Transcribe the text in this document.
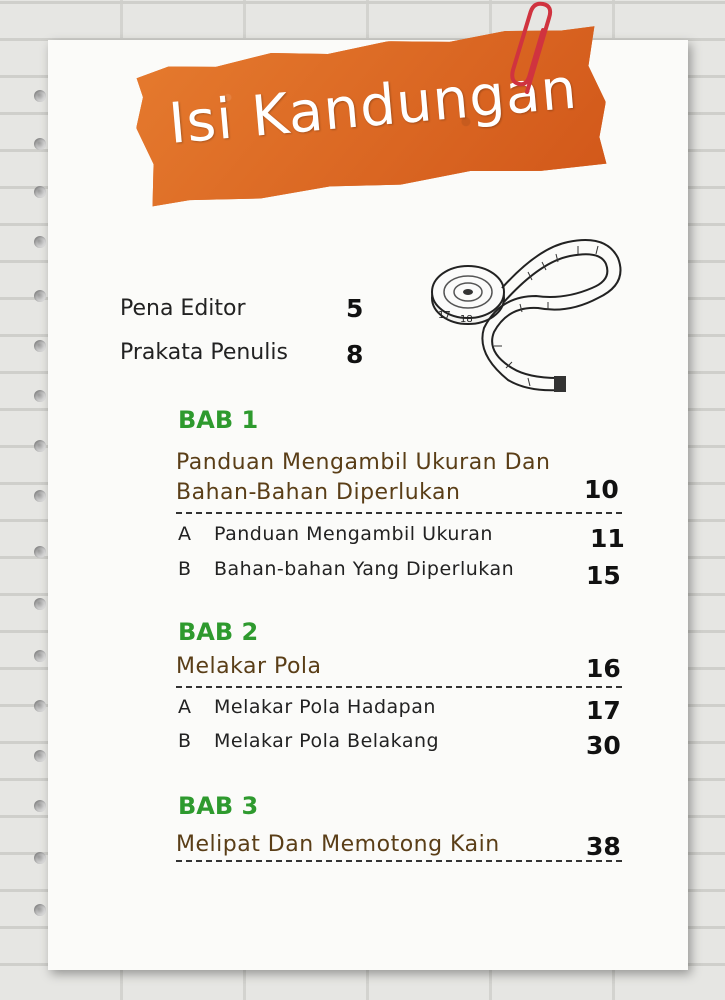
Isi Kandungan
17 18
Pena Editor	5
Prakata Penulis 8
BAB 1
Panduan Mengambil Ukuran Dan
Bahan-Bahan Diperlukan	10
A Panduan Mengambil Ukuran	11
B Bahan-bahan Yang Diperlukan	15
BAB 2
Melakar Pola	16
A Melakar Pola Hadapan	17
B Melakar Pola Belakang	30
BAB 3
Melipat Dan Memotong Kain	38
